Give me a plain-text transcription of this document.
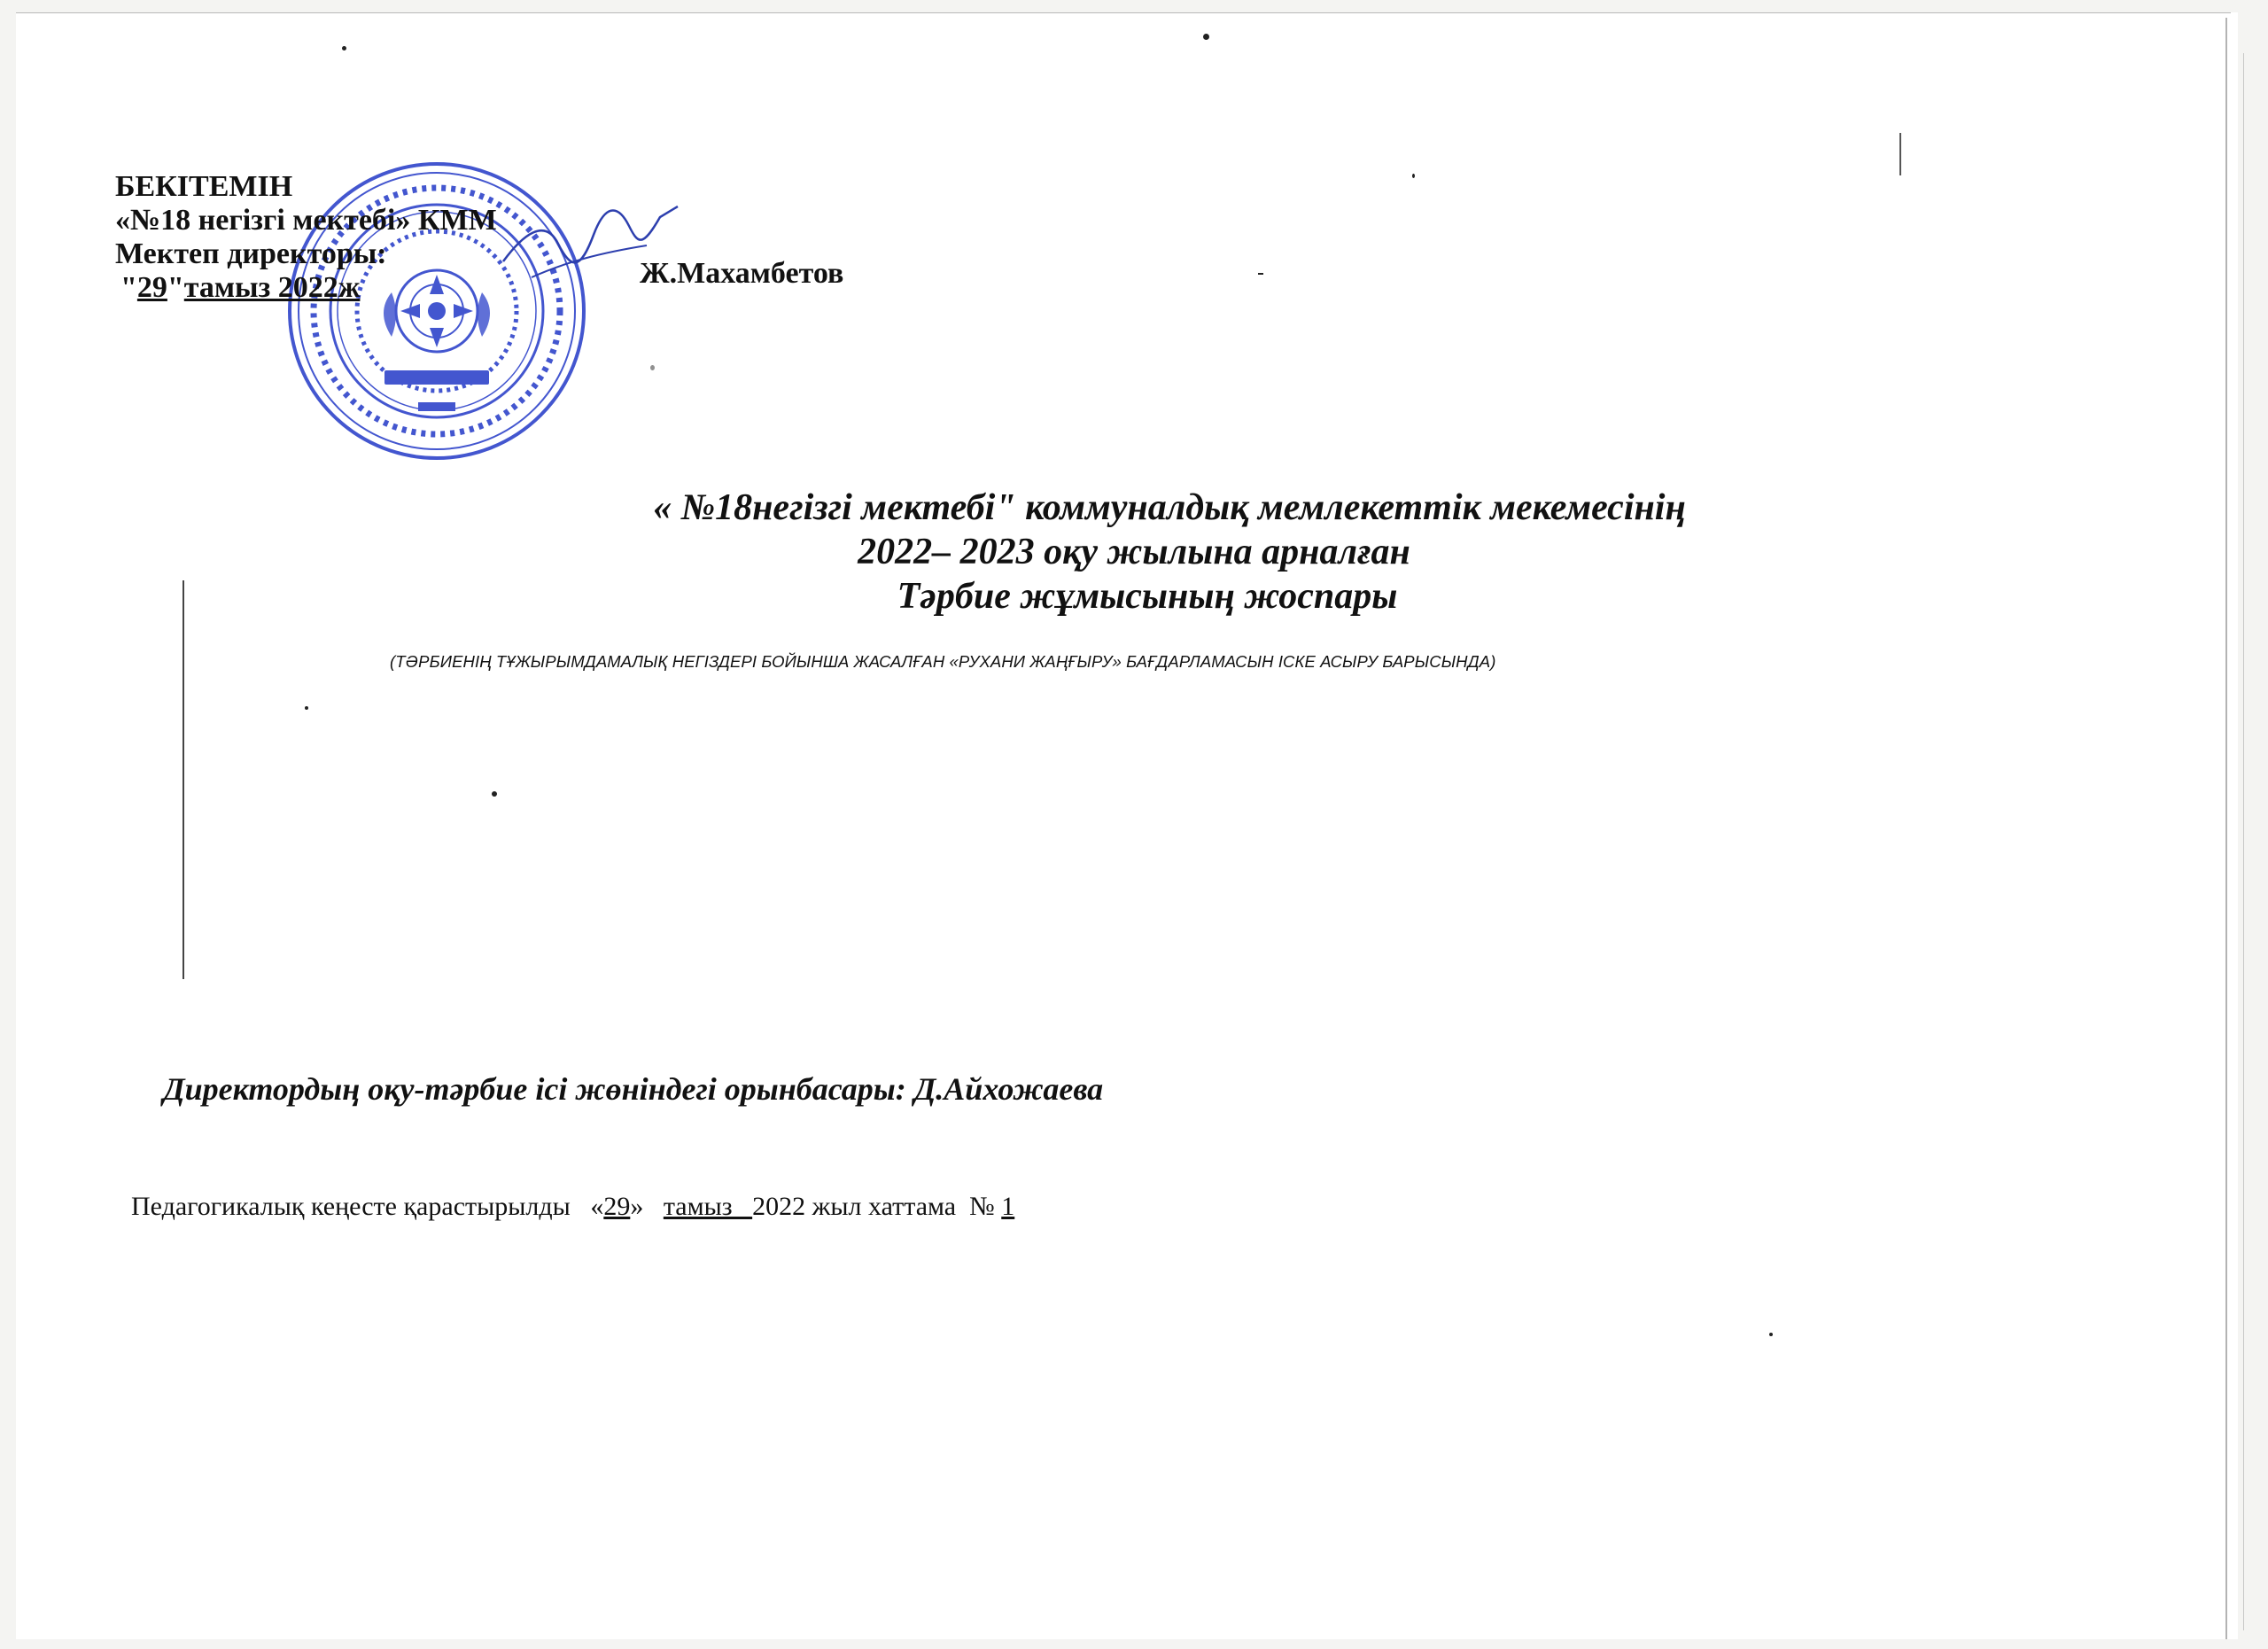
БЕКІТЕМІН
«№18 негізгі мектебі» КММ
Мектеп директоры:
"29"тамыз 2022ж	Ж.Махамбетов
« №18негізгі мектебі" коммуналдық мемлекеттік мекемесінің
2022– 2023 оқу жылына арналған
Тәрбие жұмысының жоспары
(ТӘРБИЕНІҢ ТҰЖЫРЫМДАМАЛЫҚ НЕГІЗДЕРІ БОЙЫНША ЖАСАЛҒАН «РУХАНИ ЖАҢҒЫРУ» БАҒДАРЛАМАСЫН ІСКЕ АСЫРУ БАРЫСЫНДА)
Директордың оқу-тәрбие ісі жөніндегі орынбасары: Д.Айхожаева
Педагогикалық кеңесте қарастырылды   «29»   тамыз   2022 жыл хаттама  № 1
